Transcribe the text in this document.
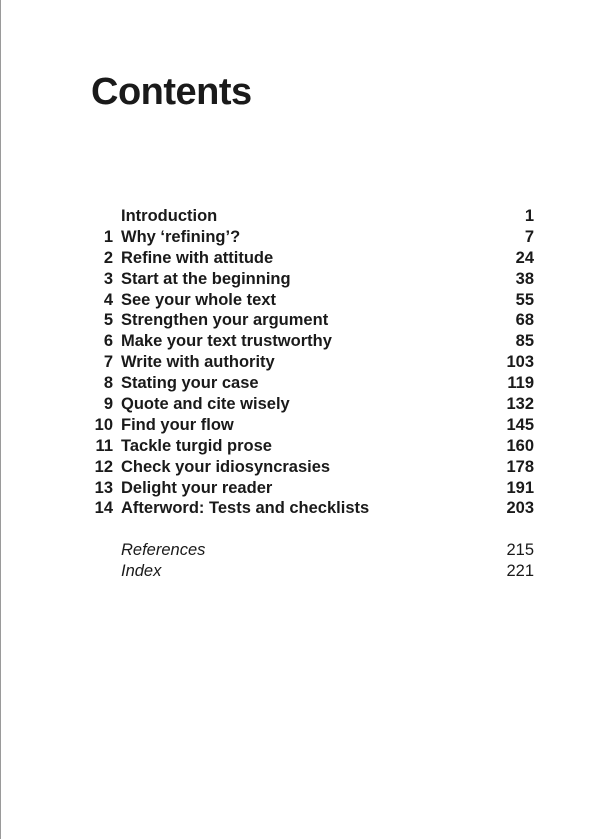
Contents
Introduction	1
1 Why ‘refining’?	7
2 Refine with attitude	24
3 Start at the beginning	38
4 See your whole text	55
5 Strengthen your argument	68
6 Make your text trustworthy	85
7 Write with authority	103
8 Stating your case	119
9 Quote and cite wisely	132
10 Find your flow	145
11 Tackle turgid prose	160
12 Check your idiosyncrasies	178
13 Delight your reader	191
14 Afterword: Tests and checklists	203
References	215
Index	221
